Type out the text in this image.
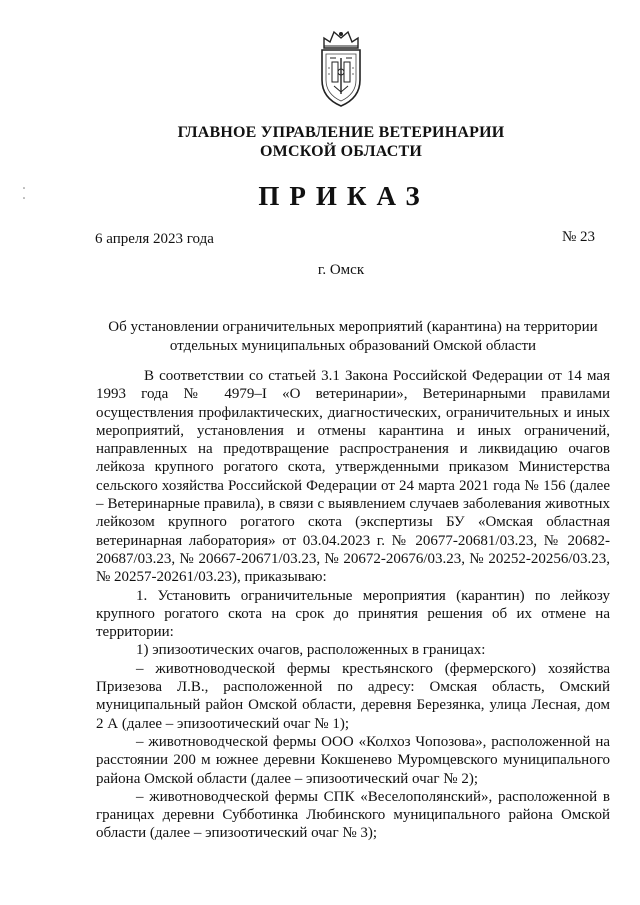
ГЛАВНОЕ УПРАВЛЕНИЕ ВЕТЕРИНАРИИ
ОМСКОЙ ОБЛАСТИ
ПРИКАЗ
6 апреля 2023 года	№ 23
г. Омск
Об установлении ограничительных мероприятий (карантина) на территории отдельных муниципальных образований Омской области

В соответствии со статьей 3.1 Закона Российской Федерации от 14 мая 1993 года № 4979–I «О ветеринарии», Ветеринарными правилами осуществления профилактических, диагностических, ограничительных и иных мероприятий, установления и отмены карантина и иных ограничений, направленных на предотвращение распространения и ликвидацию очагов лейкоза крупного рогатого скота, утвержденными приказом Министерства сельского хозяйства Российской Федерации от 24 марта 2021 года № 156 (далее – Ветеринарные правила), в связи с выявлением случаев заболевания животных лейкозом крупного рогатого скота (экспертизы БУ «Омская областная ветеринарная лаборатория» от 03.04.2023 г. № 20677-20681/03.23, № 20682-20687/03.23, № 20667-20671/03.23, № 20672-20676/03.23, № 20252-20256/03.23, № 20257-20261/03.23), приказываю:

1. Установить ограничительные мероприятия (карантин) по лейкозу крупного рогатого скота на срок до принятия решения об их отмене на территории:

1) эпизоотических очагов, расположенных в границах:

– животноводческой фермы крестьянского (фермерского) хозяйства Призезова Л.В., расположенной по адресу: Омская область, Омский муниципальный район Омской области, деревня Березянка, улица Лесная, дом 2 А (далее – эпизоотический очаг № 1);

– животноводческой фермы ООО «Колхоз Чопозова», расположенной на расстоянии 200 м южнее деревни Кокшенево Муромцевского муниципального района Омской области (далее – эпизоотический очаг № 2);

– животноводческой фермы СПК «Веселополянский», расположенной в границах деревни Субботинка Любинского муниципального района Омской области (далее – эпизоотический очаг № 3);
